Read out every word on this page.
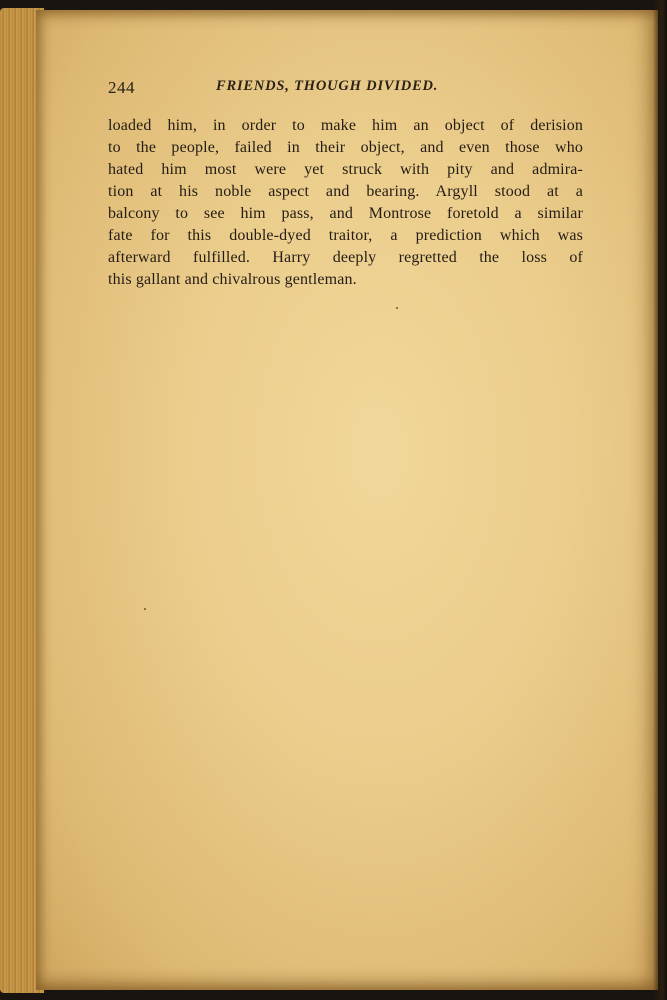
244	FRIENDS, THOUGH DIVIDED.
loaded him, in order to make him an object of derision
to the people, failed in their object, and even those who
hated him most were yet struck with pity and admira-
tion at his noble aspect and bearing. Argyll stood at a
balcony to see him pass, and Montrose foretold a similar
fate for this double-dyed traitor, a prediction which was
afterward fulfilled. Harry deeply regretted the loss of
this gallant and chivalrous gentleman.
